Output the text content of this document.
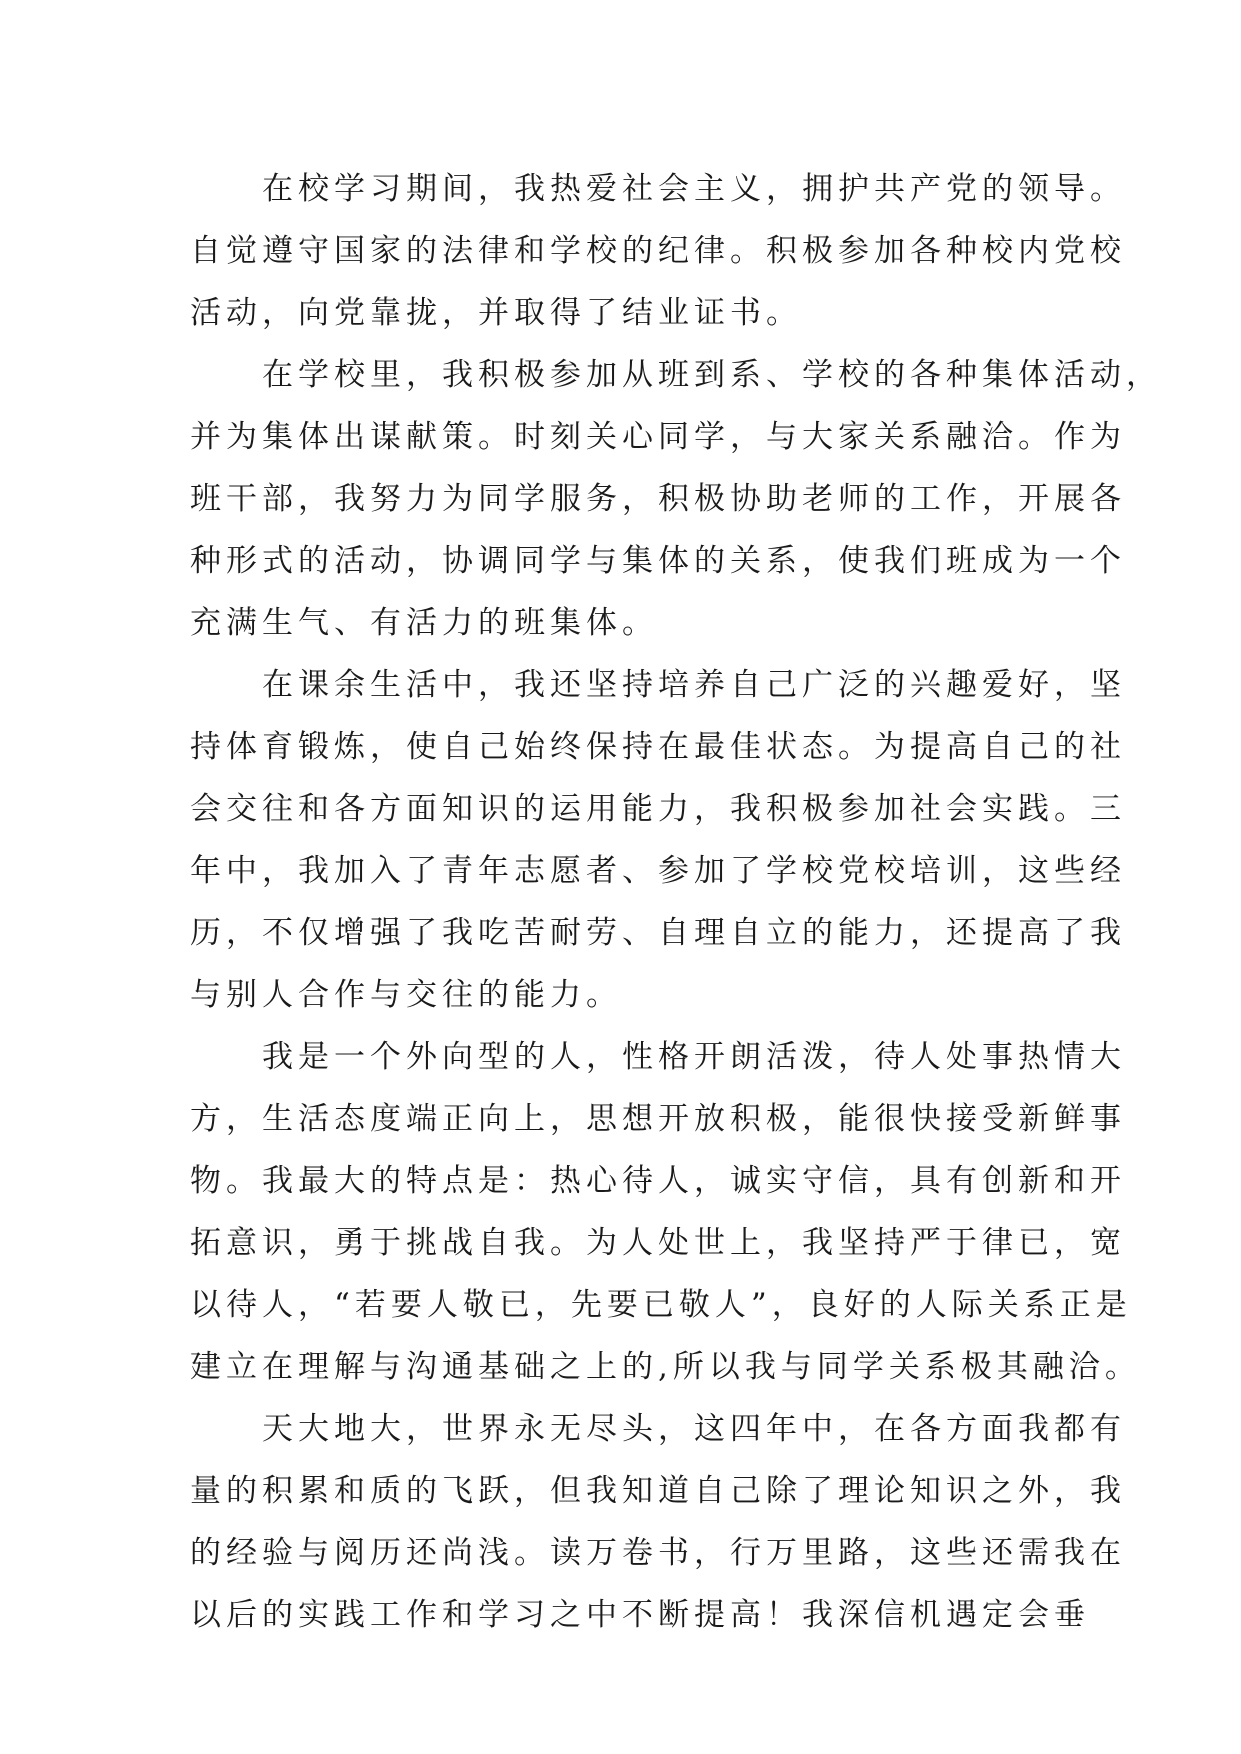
在校学习期间，我热爱社会主义，拥护共产党的领导。

自觉遵守国家的法律和学校的纪律。积极参加各种校内党校

活动，向党靠拢，并取得了结业证书。

在学校里，我积极参加从班到系、学校的各种集体活动，

并为集体出谋献策。时刻关心同学，与大家关系融洽。作为

班干部，我努力为同学服务，积极协助老师的工作，开展各

种形式的活动，协调同学与集体的关系，使我们班成为一个

充满生气、有活力的班集体。

在课余生活中，我还坚持培养自己广泛的兴趣爱好，坚

持体育锻炼，使自己始终保持在最佳状态。为提高自己的社

会交往和各方面知识的运用能力，我积极参加社会实践。三

年中，我加入了青年志愿者、参加了学校党校培训，这些经

历，不仅增强了我吃苦耐劳、自理自立的能力，还提高了我

与别人合作与交往的能力。

我是一个外向型的人，性格开朗活泼，待人处事热情大

方，生活态度端正向上，思想开放积极，能很快接受新鲜事

物。我最大的特点是：热心待人，诚实守信，具有创新和开

拓意识，勇于挑战自我。为人处世上，我坚持严于律已，宽

以待人，“若要人敬已，先要已敬人”，良好的人际关系正是

建立在理解与沟通基础之上的,所以我与同学关系极其融洽。

天大地大，世界永无尽头，这四年中，在各方面我都有

量的积累和质的飞跃，但我知道自己除了理论知识之外，我

的经验与阅历还尚浅。读万卷书，行万里路，这些还需我在

以后的实践工作和学习之中不断提高！我深信机遇定会垂
